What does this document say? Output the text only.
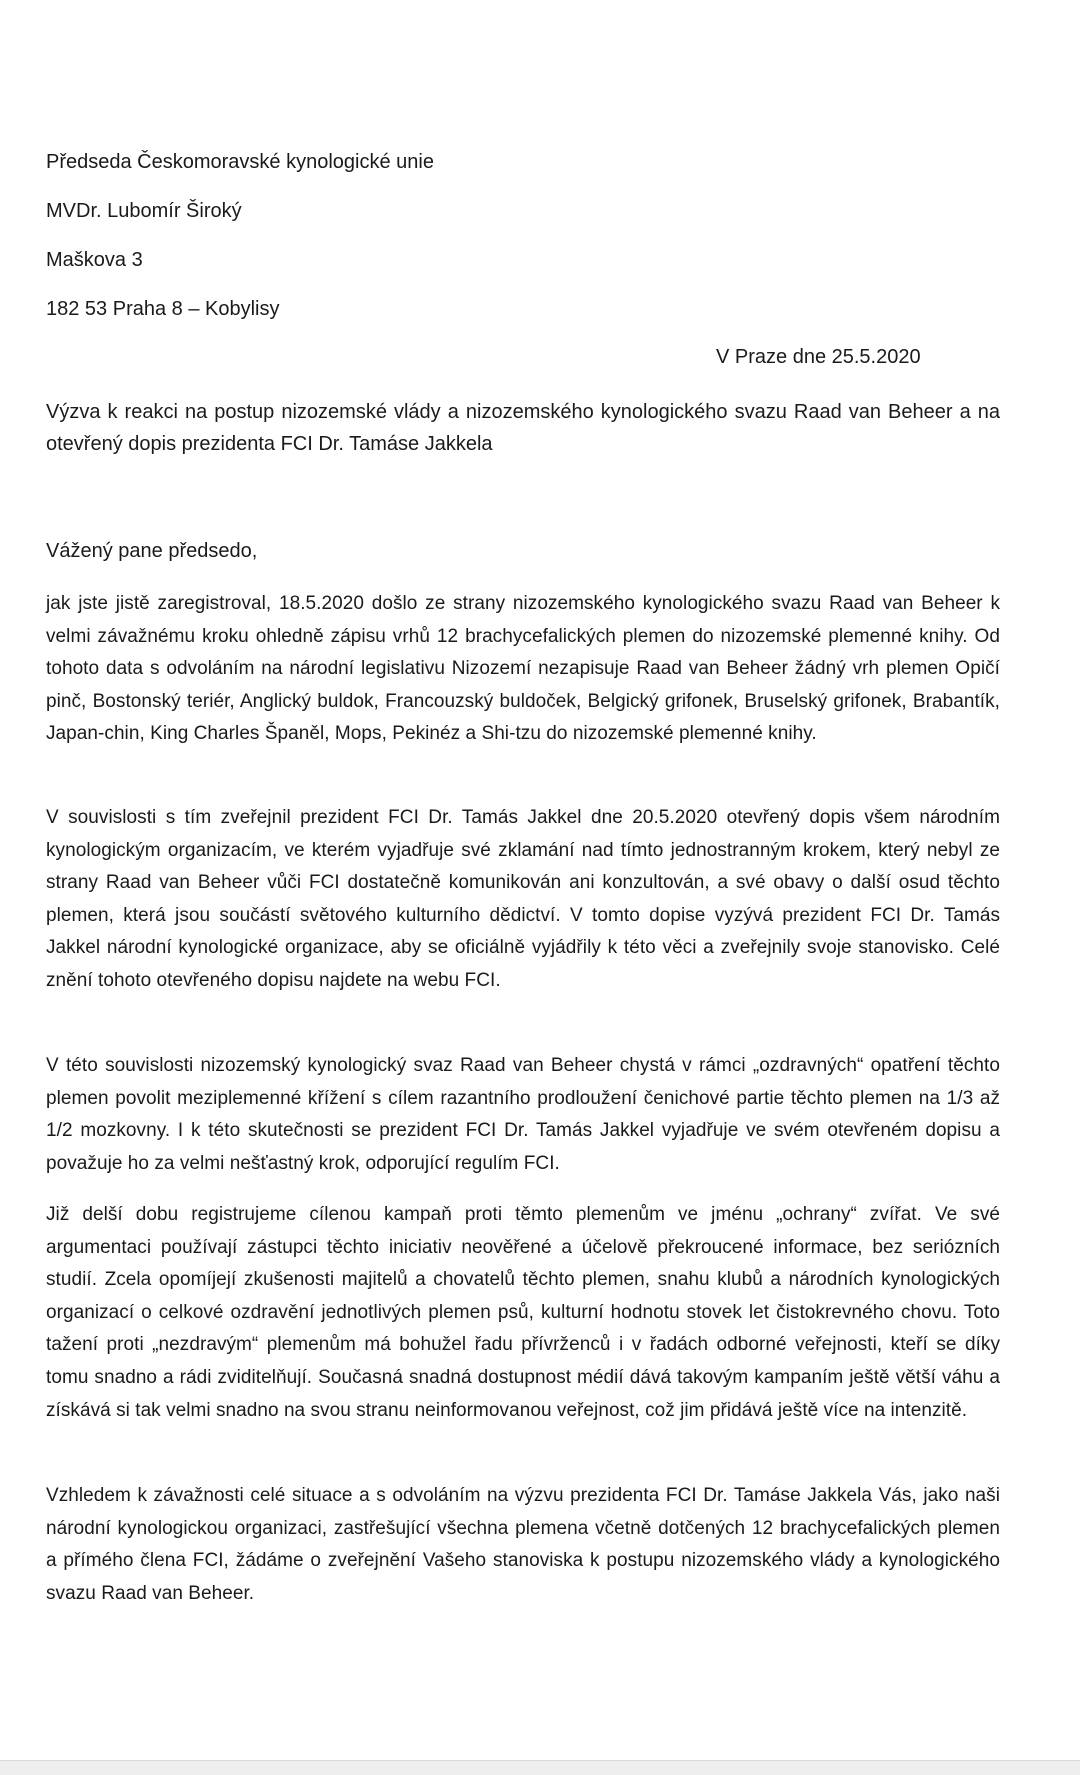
Předseda Českomoravské kynologické unie

MVDr. Lubomír Široký

Maškova 3

182 53 Praha 8 – Kobylisy

V Praze dne 25.5.2020

Výzva k reakci na postup nizozemské vlády a nizozemského kynologického svazu Raad van Beheer a na otevřený dopis prezidenta FCI Dr. Tamáse Jakkela

Vážený pane předsedo,

jak jste jistě zaregistroval, 18.5.2020 došlo ze strany nizozemského kynologického svazu Raad van Beheer k velmi závažnému kroku ohledně zápisu vrhů 12 brachycefalických plemen do nizozemské plemenné knihy. Od tohoto data s odvoláním na národní legislativu Nizozemí nezapisuje Raad van Beheer žádný vrh plemen Opičí pinč, Bostonský teriér, Anglický buldok, Francouzský buldoček, Belgický grifonek, Bruselský grifonek, Brabantík, Japan-chin, King Charles Španěl, Mops, Pekinéz a Shi-tzu do nizozemské plemenné knihy.

V souvislosti s tím zveřejnil prezident FCI Dr. Tamás Jakkel dne 20.5.2020 otevřený dopis všem národním kynologickým organizacím, ve kterém vyjadřuje své zklamání nad tímto jednostranným krokem, který nebyl ze strany Raad van Beheer vůči FCI dostatečně komunikován ani konzultován, a své obavy o další osud těchto plemen, která jsou součástí světového kulturního dědictví. V tomto dopise vyzývá prezident FCI Dr. Tamás Jakkel národní kynologické organizace, aby se oficiálně vyjádřily k této věci a zveřejnily svoje stanovisko. Celé znění tohoto otevřeného dopisu najdete na webu FCI.

V této souvislosti nizozemský kynologický svaz Raad van Beheer chystá v rámci „ozdravných“ opatření těchto plemen povolit meziplemenné křížení s cílem razantního prodloužení čenichové partie těchto plemen na 1/3 až 1/2 mozkovny. I k této skutečnosti se prezident FCI Dr. Tamás Jakkel vyjadřuje ve svém otevřeném dopisu a považuje ho za velmi nešťastný krok, odporující regulím FCI.

Již delší dobu registrujeme cílenou kampaň proti těmto plemenům ve jménu „ochrany“ zvířat. Ve své argumentaci používají zástupci těchto iniciativ neověřené a účelově překroucené informace, bez seriózních studií. Zcela opomíjejí zkušenosti majitelů a chovatelů těchto plemen, snahu klubů a národních kynologických organizací o celkové ozdravění jednotlivých plemen psů, kulturní hodnotu stovek let čistokrevného chovu. Toto tažení proti „nezdravým“ plemenům má bohužel řadu přívrženců i v řadách odborné veřejnosti, kteří se díky tomu snadno a rádi zviditelňují. Současná snadná dostupnost médií dává takovým kampaním ještě větší váhu a získává si tak velmi snadno na svou stranu neinformovanou veřejnost, což jim přidává ještě více na intenzitě.

Vzhledem k závažnosti celé situace a s odvoláním na výzvu prezidenta FCI Dr. Tamáse Jakkela Vás, jako naši národní kynologickou organizaci, zastřešující všechna plemena včetně dotčených 12 brachycefalických plemen a přímého člena FCI, žádáme o zveřejnění Vašeho stanoviska k postupu nizozemského vlády a kynologického svazu Raad van Beheer.
